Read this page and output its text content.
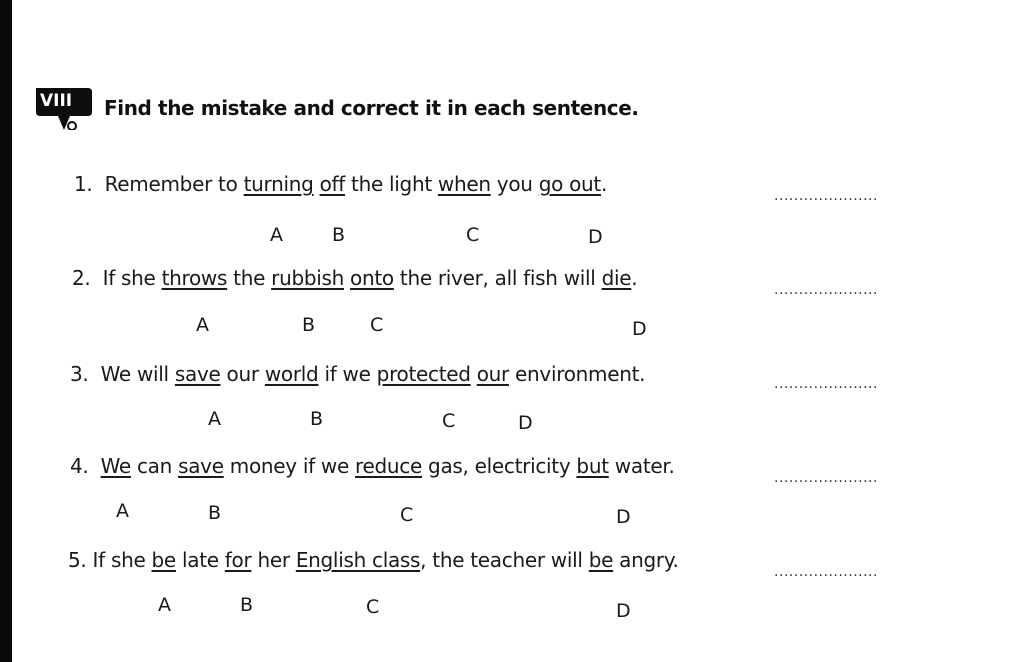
VIII Find the mistake and correct it in each sentence.
1. Remember to turning off the light when you go out.	.....................
A	B	C	D
2. If she throws the rubbish onto the river, all fish will die.	.....................
A	B	C	D
3. We will save our world if we protected our environment.	.....................
A	B	C	D
4. We can save money if we reduce gas, electricity but water.	.....................
A	B	C	D
5. If she be late for her English class, the teacher will be angry.	.....................
A	B	C	D
